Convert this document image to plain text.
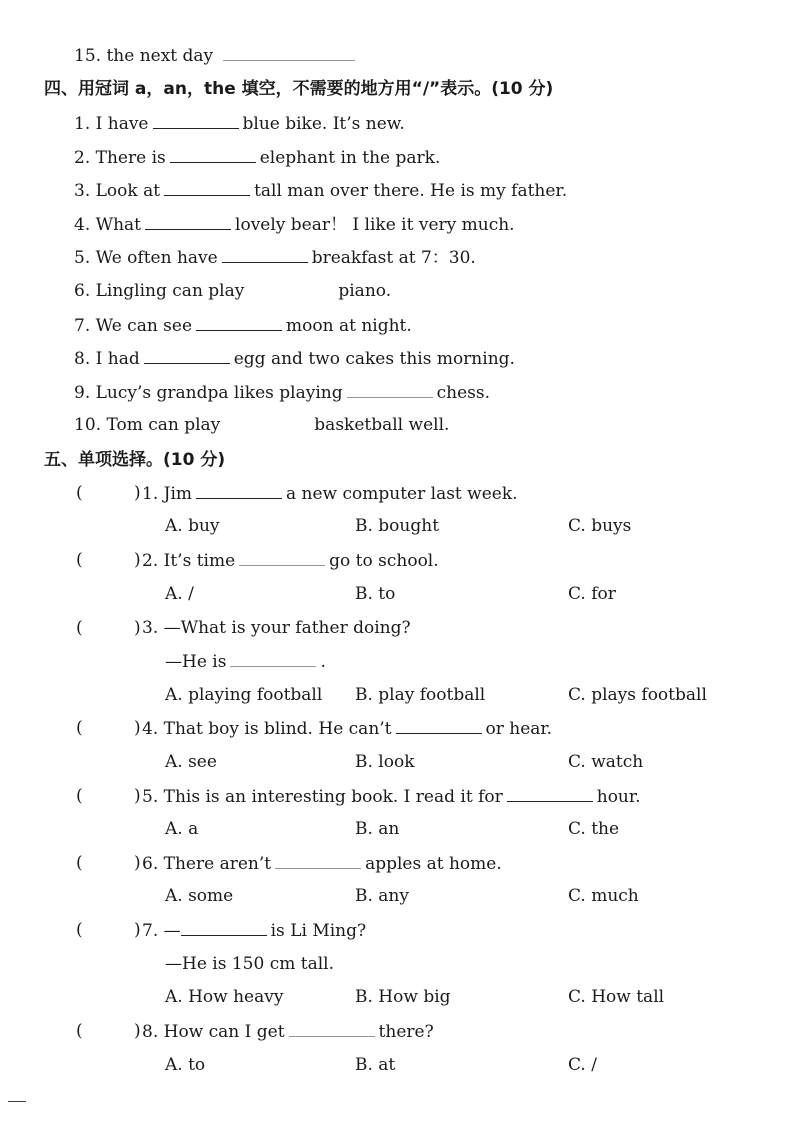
15. the next day
四、用冠词 a，an，the 填空，不需要的地方用“/”表示。(10 分)
1. I have	blue bike. It’s new.
2. There is	elephant in the park.
3. Look at	tall man over there. He is my father.
4. What	lovely bear！ I like it very much.
5. We often have	breakfast at 7：30.
6. Lingling can play	piano.
7. We can see	moon at night.
8. I had	egg and two cakes this morning.
9. Lucy’s grandpa likes playing	chess.
10. Tom can play	basketball well.
五、单项选择。(10 分)
(	) 1. Jim	a new computer last week.
A. buy	B. bought	C. buys
(	) 2. It’s time	go to school.
A. /	B. to	C. for
(	) 3. —What is your father doing?
—He is	.
A. playing football B. play football	C. plays football
(	) 4. That boy is blind. He can’t	or hear.
A. see	B. look	C. watch
(	) 5. This is an interesting book. I read it for	hour.
A. a	B. an	C. the
(	) 6. There aren’t	apples at home.
A. some	B. any	C. much
(	) 7. —	is Li Ming?
—He is 150 cm tall.
A. How heavy	B. How big	C. How tall
(	) 8. How can I get	there?
A. to	B. at	C. /
